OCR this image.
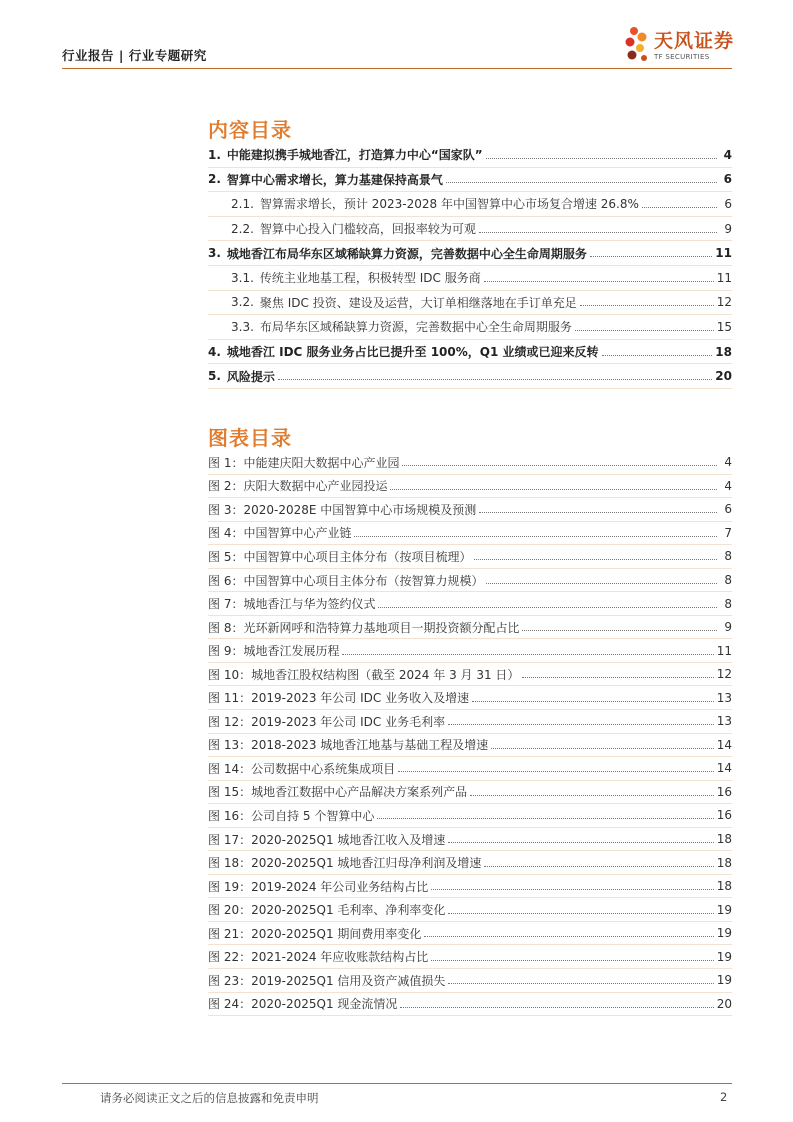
行业报告 | 行业专题研究
天风证券
TF SECURITIES
内容目录
1. 中能建拟携手城地香江，打造算力中心“国家队”	4
2. 智算中心需求增长，算力基建保持高景气	6
2.1. 智算需求增长，预计 2023-2028 年中国智算中心市场复合增速 26.8%	6
2.2. 智算中心投入门槛较高，回报率较为可观	9
3. 城地香江布局华东区域稀缺算力资源，完善数据中心全生命周期服务	11
3.1. 传统主业地基工程，积极转型 IDC 服务商	11
3.2. 聚焦 IDC 投资、建设及运营，大订单相继落地在手订单充足	12
3.3. 布局华东区域稀缺算力资源，完善数据中心全生命周期服务	15
4. 城地香江 IDC 服务业务占比已提升至 100%，Q1 业绩或已迎来反转	18
5. 风险提示	20
图表目录
图 1：中能建庆阳大数据中心产业园	4
图 2：庆阳大数据中心产业园投运	4
图 3：2020-2028E 中国智算中心市场规模及预测	6
图 4：中国智算中心产业链	7
图 5：中国智算中心项目主体分布（按项目梳理）	8
图 6：中国智算中心项目主体分布（按智算力规模）	8
图 7：城地香江与华为签约仪式	8
图 8：光环新网呼和浩特算力基地项目一期投资额分配占比	9
图 9：城地香江发展历程	11
图 10：城地香江股权结构图（截至 2024 年 3 月 31 日）	12
图 11：2019-2023 年公司 IDC 业务收入及增速	13
图 12：2019-2023 年公司 IDC 业务毛利率	13
图 13：2018-2023 城地香江地基与基础工程及增速	14
图 14：公司数据中心系统集成项目	14
图 15：城地香江数据中心产品解决方案系列产品	16
图 16：公司自持 5 个智算中心	16
图 17：2020-2025Q1 城地香江收入及增速	18
图 18：2020-2025Q1 城地香江归母净利润及增速	18
图 19：2019-2024 年公司业务结构占比	18
图 20：2020-2025Q1 毛利率、净利率变化	19
图 21：2020-2025Q1 期间费用率变化	19
图 22：2021-2024 年应收账款结构占比	19
图 23：2019-2025Q1 信用及资产减值损失	19
图 24：2020-2025Q1 现金流情况	20
请务必阅读正文之后的信息披露和免责申明	2
